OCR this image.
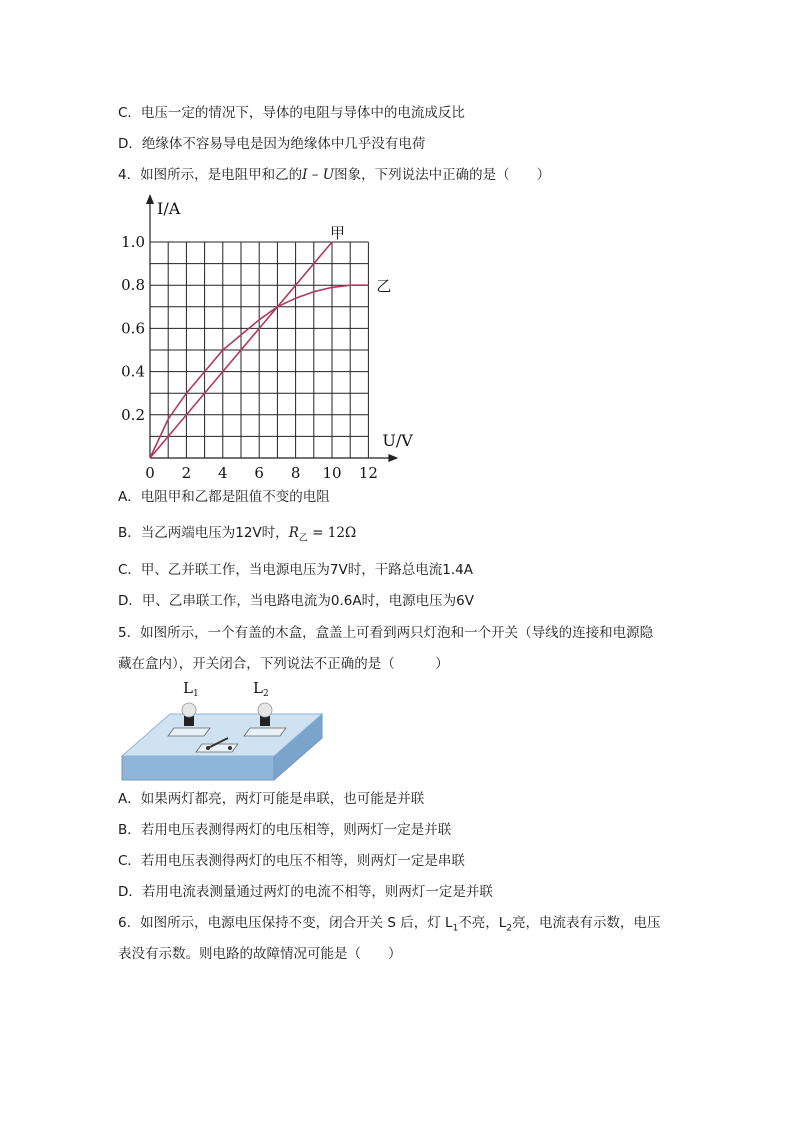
C．电压一定的情况下，导体的电阻与导体中的电流成反比
D．绝缘体不容易导电是因为绝缘体中几乎没有电荷
4．如图所示，是电阻甲和乙的I – U图象，下列说法中正确的是（　　）
I/A
U/V
0 2 4 6 8 10 12
0.2
0.4
0.6
0.8
1.0	甲
乙
A．电阻甲和乙都是阻值不变的电阻
B．当乙两端电压为12V时，$R_乙 = 12\Omega$
C．甲、乙并联工作，当电源电压为7V时，干路总电流1.4A
D．甲、乙串联工作，当电路电流为0.6A时，电源电压为6V
5．如图所示，一个有盖的木盒，盒盖上可看到两只灯泡和一个开关（导线的连接和电源隐
藏在盒内），开关闭合，下列说法不正确的是（　　　）
$L_1$	$L_2$
A．如果两灯都亮，两灯可能是串联，也可能是并联
B．若用电压表测得两灯的电压相等，则两灯一定是并联
C．若用电压表测得两灯的电压不相等，则两灯一定是串联
D．若用电流表测量通过两灯的电流不相等，则两灯一定是并联
6．如图所示，电源电压保持不变，闭合开关 S 后，灯 $L_1$不亮，$L_2$亮，电流表有示数，电压
表没有示数。则电路的故障情况可能是（　　）
